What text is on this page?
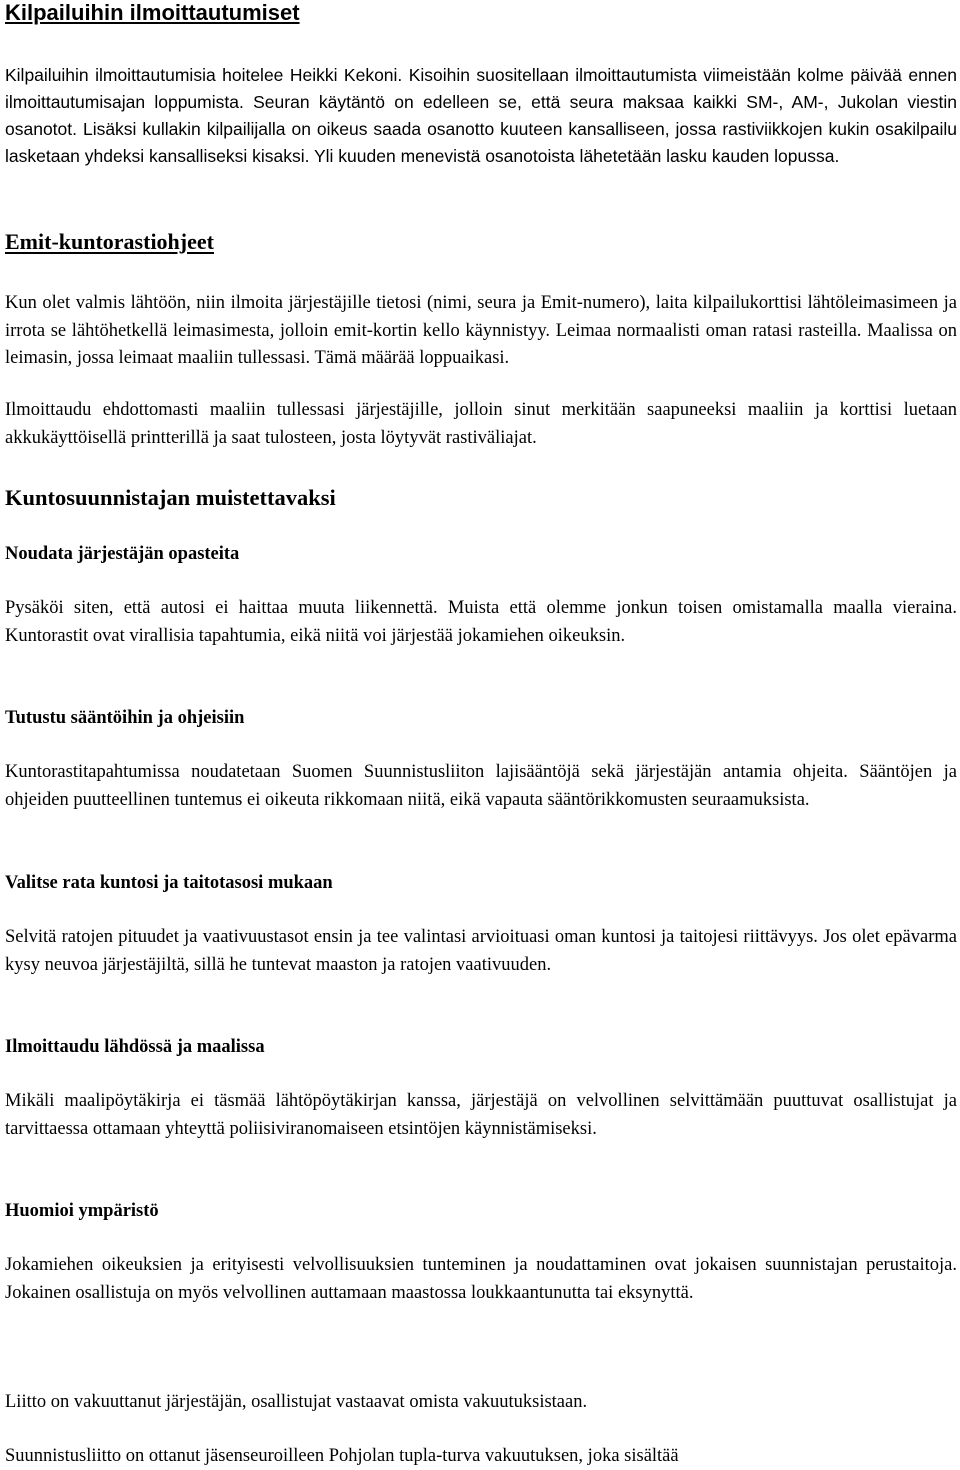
Kilpailuihin ilmoittautumiset

Kilpailuihin ilmoittautumisia hoitelee Heikki Kekoni. Kisoihin suositellaan ilmoittautumista viimeistään kolme päivää ennen ilmoittautumisajan loppumista. Seuran käytäntö on edelleen se, että seura maksaa kaikki SM-, AM-, Jukolan viestin osanotot. Lisäksi kullakin kilpailijalla on oikeus saada osanotto kuuteen kansalliseen, jossa rastiviikkojen kukin osakilpailu lasketaan yhdeksi kansalliseksi kisaksi. Yli kuuden menevistä osanotoista lähetetään lasku kauden lopussa.

Emit-kuntorastiohjeet

Kun olet valmis lähtöön, niin ilmoita järjestäjille tietosi (nimi, seura ja Emit-numero), laita kilpailukorttisi lähtöleimasimeen ja irrota se lähtöhetkellä leimasimesta, jolloin emit-kortin kello käynnistyy. Leimaa normaalisti oman ratasi rasteilla. Maalissa on leimasin, jossa leimaat maaliin tullessasi. Tämä määrää loppuaikasi.

Ilmoittaudu ehdottomasti maaliin tullessasi järjestäjille, jolloin sinut merkitään saapuneeksi maaliin ja korttisi luetaan akkukäyttöisellä printterillä ja saat tulosteen, josta löytyvät rastiväliajat.

Kuntosuunnistajan muistettavaksi
Noudata järjestäjän opasteita

Pysäköi siten, että autosi ei haittaa muuta liikennettä. Muista että olemme jonkun toisen omistamalla maalla vieraina. Kuntorastit ovat virallisia tapahtumia, eikä niitä voi järjestää jokamiehen oikeuksin.

Tutustu sääntöihin ja ohjeisiin

Kuntorastitapahtumissa noudatetaan Suomen Suunnistusliiton lajisääntöjä sekä järjestäjän antamia ohjeita. Sääntöjen ja ohjeiden puutteellinen tuntemus ei oikeuta rikkomaan niitä, eikä vapauta sääntörikkomusten seuraamuksista.

Valitse rata kuntosi ja taitotasosi mukaan

Selvitä ratojen pituudet ja vaativuustasot ensin ja tee valintasi arvioituasi oman kuntosi ja taitojesi riittävyys. Jos olet epävarma kysy neuvoa järjestäjiltä, sillä he tuntevat maaston ja ratojen vaativuuden.

Ilmoittaudu lähdössä ja maalissa

Mikäli maalipöytäkirja ei täsmää lähtöpöytäkirjan kanssa, järjestäjä on velvollinen selvittämään puuttuvat osallistujat ja tarvittaessa ottamaan yhteyttä poliisiviranomaiseen etsintöjen käynnistämiseksi.

Huomioi ympäristö

Jokamiehen oikeuksien ja erityisesti velvollisuuksien tunteminen ja noudattaminen ovat jokaisen suunnistajan perustaitoja. Jokainen osallistuja on myös velvollinen auttamaan maastossa loukkaantunutta tai eksynyttä.

Liitto on vakuuttanut järjestäjän, osallistujat vastaavat omista vakuutuksistaan.

Suunnistusliitto on ottanut jäsenseuroilleen Pohjolan tupla-turva vakuutuksen, joka sisältää
